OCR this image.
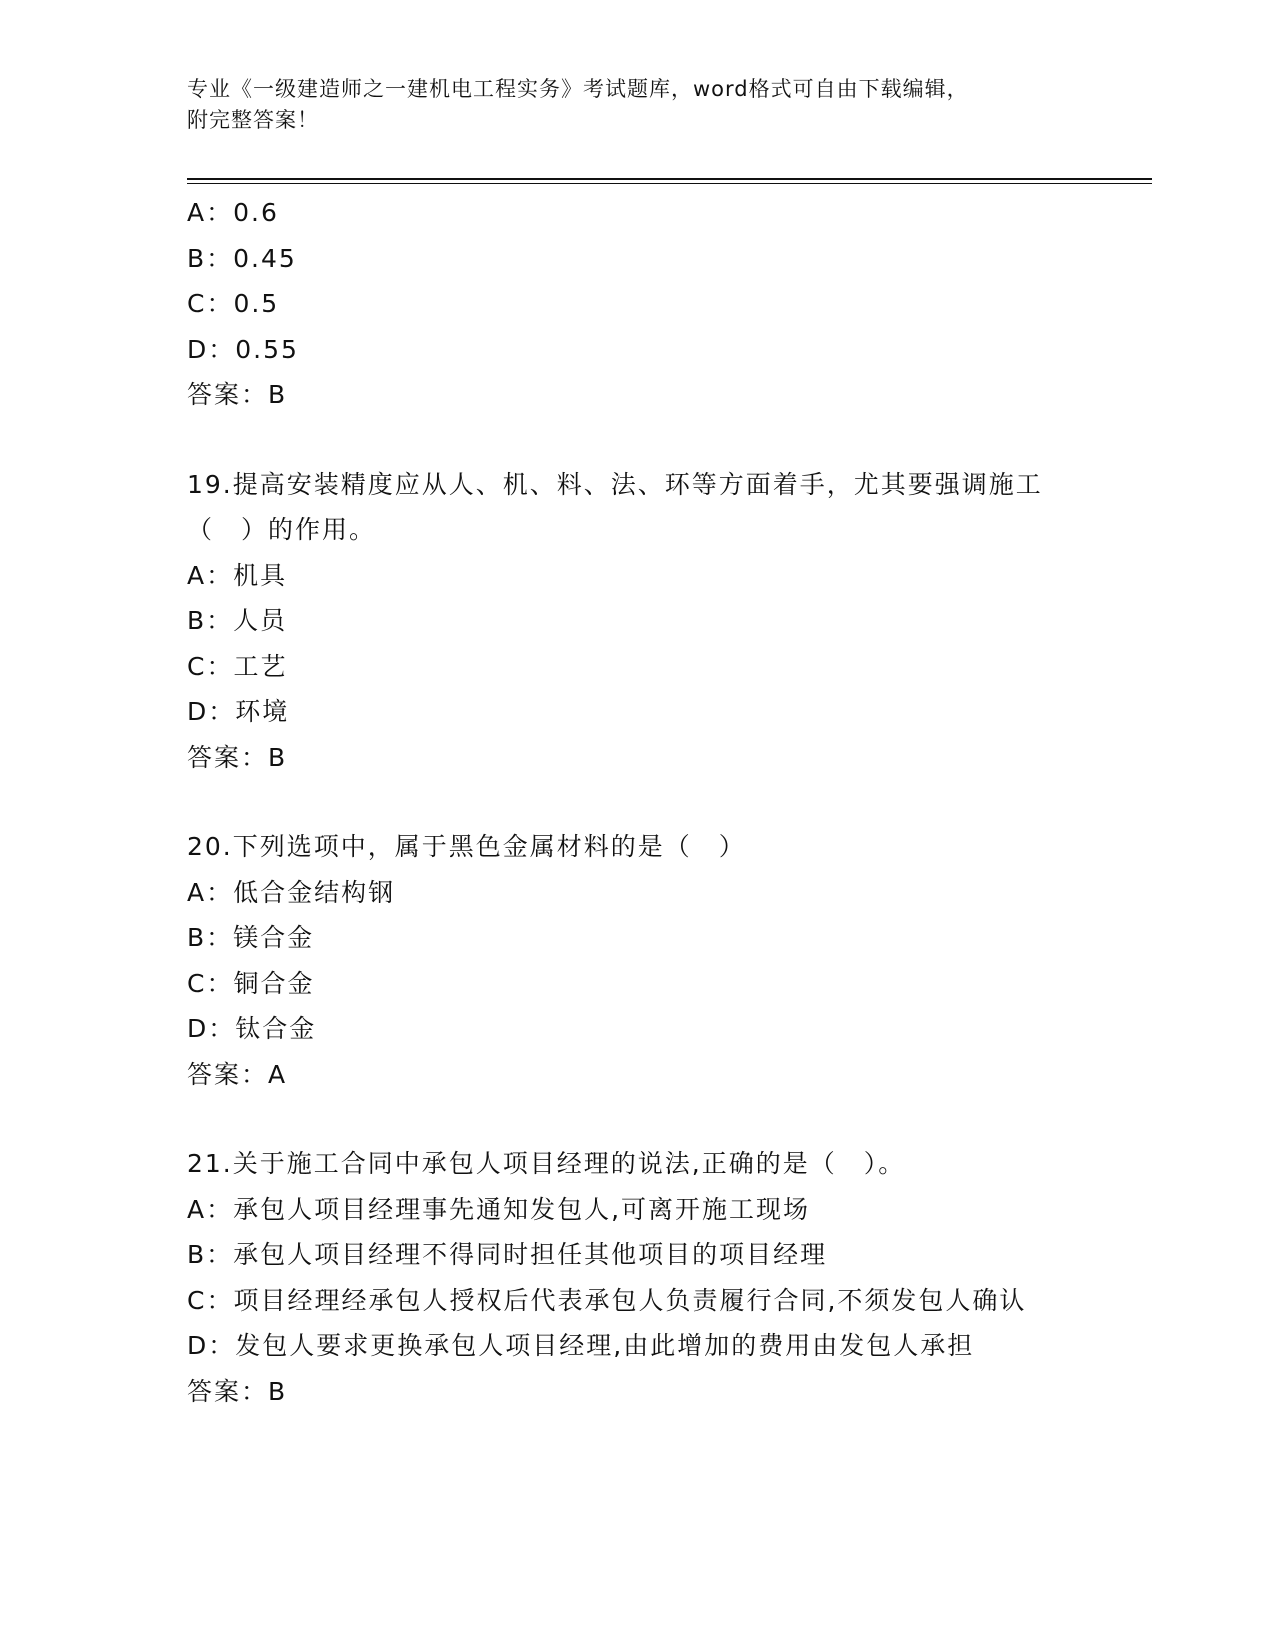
专业《一级建造师之一建机电工程实务》考试题库，word格式可自由下载编辑，
附完整答案！
A：0.6
B：0.45
C：0.5
D：0.55
答案：B
19.提高安装精度应从人、机、料、法、环等方面着手，尤其要强调施工（　）的作用。
A：机具
B：人员
C：工艺
D：环境
答案：B
20.下列选项中，属于黑色金属材料的是（　）
A：低合金结构钢
B：镁合金
C：铜合金
D：钛合金
答案：A
21.关于施工合同中承包人项目经理的说法,正确的是（　）。
A：承包人项目经理事先通知发包人,可离开施工现场
B：承包人项目经理不得同时担任其他项目的项目经理
C：项目经理经承包人授权后代表承包人负责履行合同,不须发包人确认
D：发包人要求更换承包人项目经理,由此增加的费用由发包人承担
答案：B
